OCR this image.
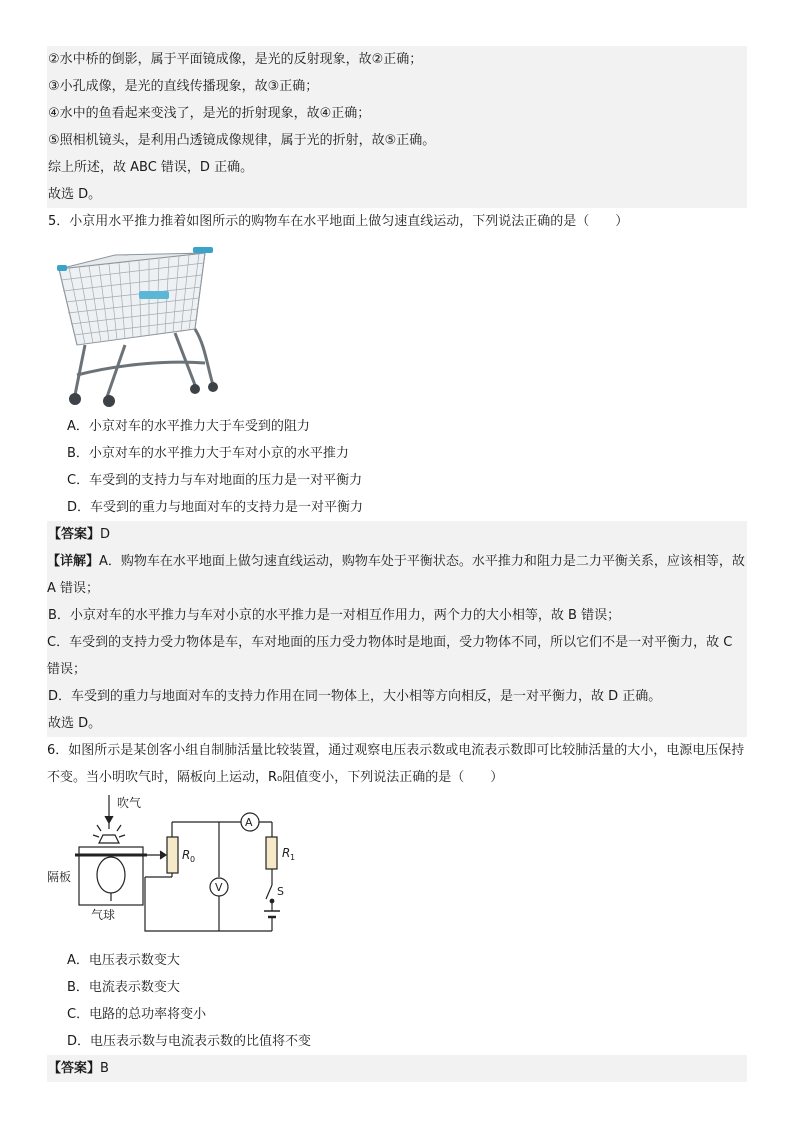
②水中桥的倒影，属于平面镜成像，是光的反射现象，故②正确；
③小孔成像，是光的直线传播现象，故③正确；
④水中的鱼看起来变浅了，是光的折射现象，故④正确；
⑤照相机镜头，是利用凸透镜成像规律，属于光的折射，故⑤正确。
综上所述，故 ABC 错误，D 正确。
故选 D。
5．小京用水平推力推着如图所示的购物车在水平地面上做匀速直线运动，下列说法正确的是（　　）
A．小京对车的水平推力大于车受到的阻力
B．小京对车的水平推力大于车对小京的水平推力
C．车受到的支持力与车对地面的压力是一对平衡力
D．车受到的重力与地面对车的支持力是一对平衡力
【答案】D
【详解】A．购物车在水平地面上做匀速直线运动，购物车处于平衡状态。水平推力和阻力是二力平衡关系，应该相等，故 A 错误；
B．小京对车的水平推力与车对小京的水平推力是一对相互作用力，两个力的大小相等，故 B 错误；
C．车受到的支持力受力物体是车，车对地面的压力受力物体时是地面，受力物体不同，所以它们不是一对平衡力，故 C 错误；
D．车受到的重力与地面对车的支持力作用在同一物体上，大小相等方向相反，是一对平衡力，故 D 正确。
故选 D。
6．如图所示是某创客小组自制肺活量比较装置，通过观察电压表示数或电流表示数即可比较肺活量的大小，电源电压保持不变。当小明吹气时，隔板向上运动，R₀阻值变小，下列说法正确的是（　　）
吹气
隔板
气球
R 0	R 1
A
V	S
A．电压表示数变大
B．电流表示数变大
C．电路的总功率将变小
D．电压表示数与电流表示数的比值将不变
【答案】B
